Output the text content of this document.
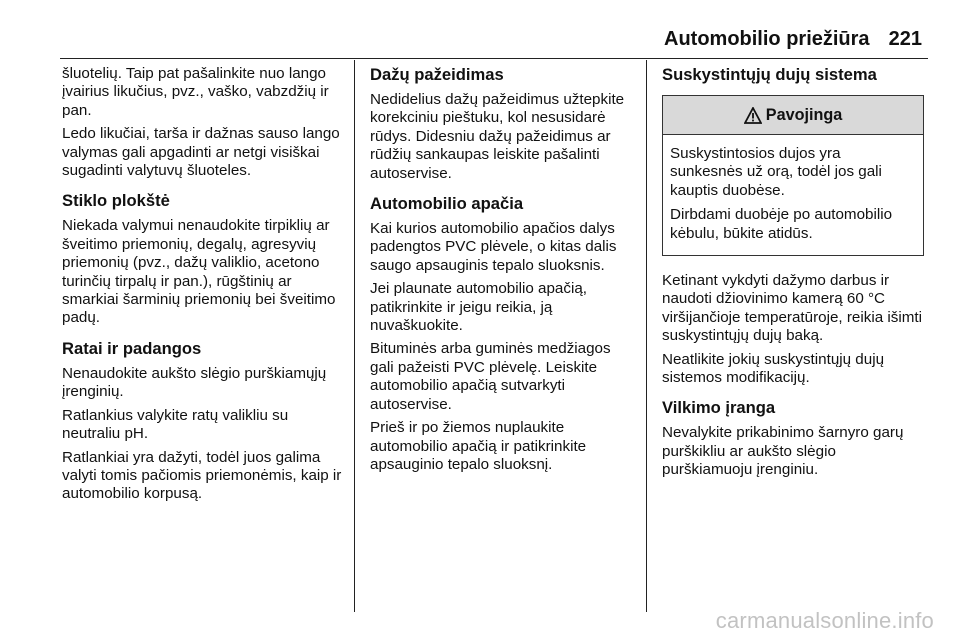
Automobilio priežiūra 221

šluotelių. Taip pat pašalinkite nuo lango įvairius likučius, pvz., vaško, vabzdžių ir pan.

Ledo likučiai, tarša ir dažnas sauso lango valymas gali apgadinti ar netgi visiškai sugadinti valytuvų šluoteles.

Stiklo plokštė

Niekada valymui nenaudokite tirpiklių ar šveitimo priemonių, degalų, agresyvių priemonių (pvz., dažų valiklio, acetono turinčių tirpalų ir pan.), rūgštinių ar smarkiai šarminių priemonių bei šveitimo padų.

Ratai ir padangos

Nenaudokite aukšto slėgio purškiamųjų įrenginių.

Ratlankius valykite ratų valikliu su neutraliu pH.

Ratlankiai yra dažyti, todėl juos galima valyti tomis pačiomis priemonėmis, kaip ir automobilio korpusą.

Dažų pažeidimas

Nedidelius dažų pažeidimus užtepkite korekciniu pieštuku, kol nesusidarė rūdys. Didesniu dažų pažeidimus ar rūdžių sankaupas leiskite pašalinti autoservise.

Automobilio apačia

Kai kurios automobilio apačios dalys padengtos PVC plėvele, o kitas dalis saugo apsauginis tepalo sluoksnis.

Jei plaunate automobilio apačią, patikrinkite ir jeigu reikia, ją nuvaškuokite.

Bituminės arba guminės medžiagos gali pažeisti PVC plėvelę. Leiskite automobilio apačią sutvarkyti autoservise.

Prieš ir po žiemos nuplaukite automobilio apačią ir patikrinkite apsauginio tepalo sluoksnį.

Suskystintųjų dujų sistema
Pavojinga

Suskystintosios dujos yra sunkesnės už orą, todėl jos gali kauptis duobėse.

Dirbdami duobėje po automobilio kėbulu, būkite atidūs.

Ketinant vykdyti dažymo darbus ir naudoti džiovinimo kamerą 60 °C viršijančioje temperatūroje, reikia išimti suskystintųjų dujų baką.

Neatlikite jokių suskystintųjų dujų sistemos modifikacijų.

Vilkimo įranga

Nevalykite prikabinimo šarnyro garų purškikliu ar aukšto slėgio purškiamuoju įrenginiu.

carmanualsonline.info
